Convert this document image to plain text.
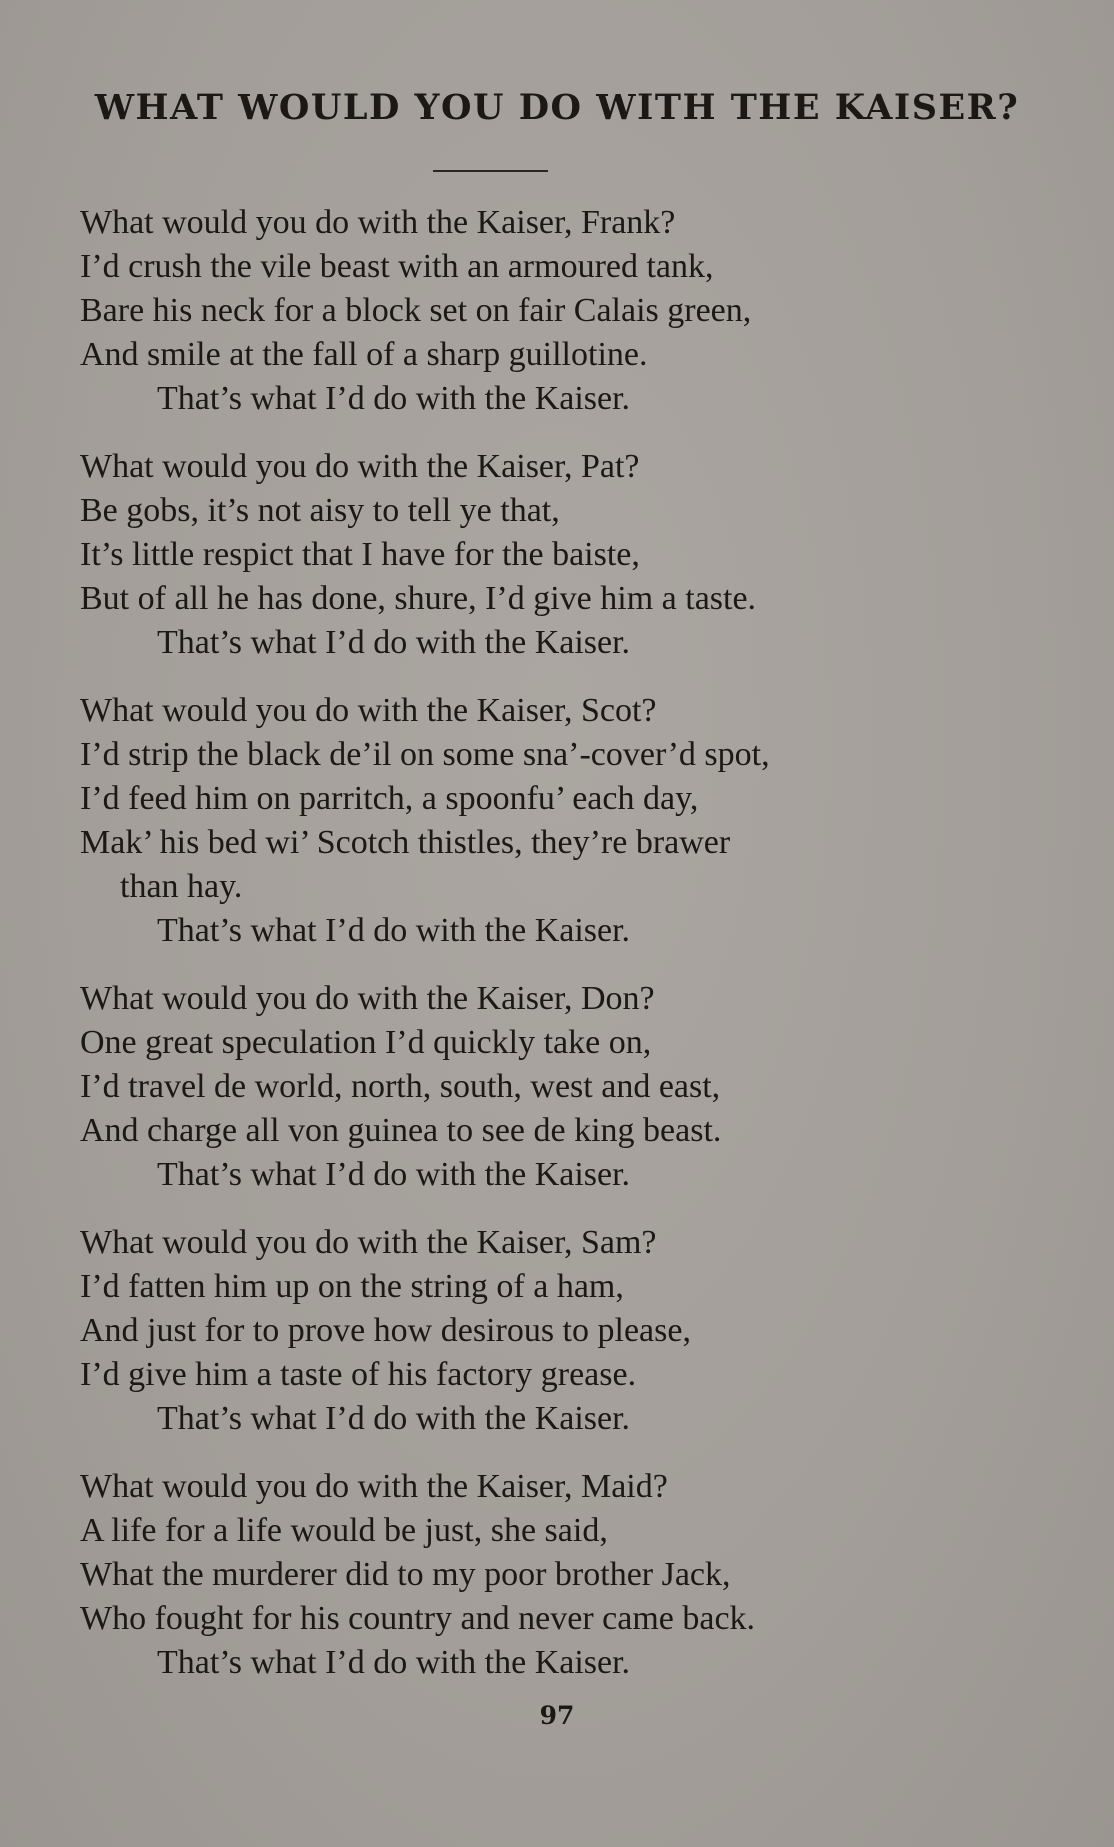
WHAT WOULD YOU DO WITH THE KAISER?
What would you do with the Kaiser, Frank?
I’d crush the vile beast with an armoured tank,
Bare his neck for a block set on fair Calais green,
And smile at the fall of a sharp guillotine.
That’s what I’d do with the Kaiser.
What would you do with the Kaiser, Pat?
Be gobs, it’s not aisy to tell ye that,
It’s little respict that I have for the baiste,
But of all he has done, shure, I’d give him a taste.
That’s what I’d do with the Kaiser.
What would you do with the Kaiser, Scot?
I’d strip the black de’il on some sna’-cover’d spot,
I’d feed him on parritch, a spoonfu’ each day,
Mak’ his bed wi’ Scotch thistles, they’re brawer
than hay.
That’s what I’d do with the Kaiser.
What would you do with the Kaiser, Don?
One great speculation I’d quickly take on,
I’d travel de world, north, south, west and east,
And charge all von guinea to see de king beast.
That’s what I’d do with the Kaiser.
What would you do with the Kaiser, Sam?
I’d fatten him up on the string of a ham,
And just for to prove how desirous to please,
I’d give him a taste of his factory grease.
That’s what I’d do with the Kaiser.
What would you do with the Kaiser, Maid?
A life for a life would be just, she said,
What the murderer did to my poor brother Jack,
Who fought for his country and never came back.
That’s what I’d do with the Kaiser.
97
